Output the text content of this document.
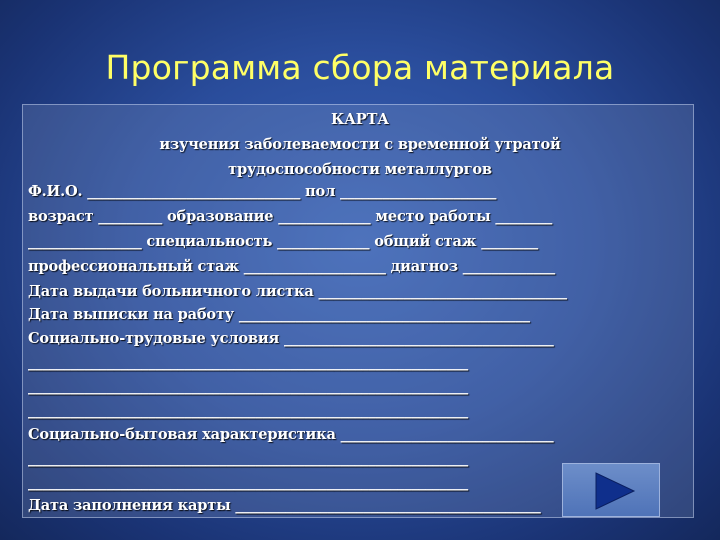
Программа сбора материала
КАРТА
изучения заболеваемости с временной утратой
трудоспособности металлургов
Ф.И.О. ______________________________ пол ______________________
возраст _________ образование _____________ место работы ________
________________ специальность _____________ общий стаж ________
профессиональный стаж ____________________ диагноз _____________
Дата выдачи больничного листка ___________________________________
Дата выписки на работу _________________________________________
Социально-трудовые условия ______________________________________
______________________________________________________________
______________________________________________________________
______________________________________________________________
Социально-бытовая характеристика ______________________________
______________________________________________________________
______________________________________________________________
Дата заполнения карты ___________________________________________
